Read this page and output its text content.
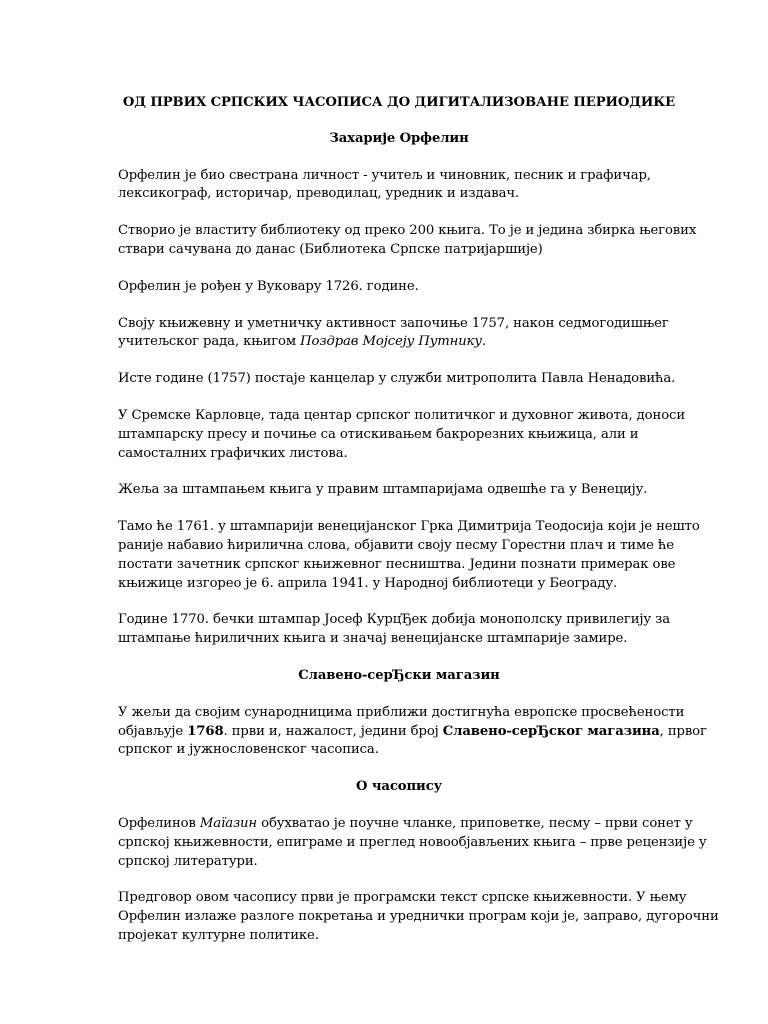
ОД ПРВИХ СРПСКИХ ЧАСОПИСА ДО ДИГИТАЛИЗОВАНЕ ПЕРИОДИКЕ

Захарије Орфелин

Орфелин је био свестрана личност - учитељ и чиновник, песник и графичар,
лексикограф, историчар, преводилац, уредник и издавач.

Створио је властиту библиотеку од преко 200 књига. То је и једина збирка његових
ствари сачувана до данас (Библиотека Српске патријаршије)

Орфелин је рођен у Вуковару 1726. године.

Своју књижевну и уметничку активност започиње 1757, након седмогодишњег
учитељског рада, књигом Поздрав Мојсеју Путнику.

Исте године (1757) постаје канцелар у служби митрополита Павла Ненадовића.

У Сремске Карловце, тада центар српског политичког и духовног живота, доноси
штампарску пресу и почиње са отискивањем бакрорезних књижица, али и
самосталних графичких листова.

Жеља за штампањем књига у правим штампаријама одвешће га у Венецију.

Тамо ће 1761. у штампарији венецијанског Грка Димитрија Теодосија који је нешто
раније набавио ћирилична слова, објавити своју песму Горестни плач и тиме ће
постати зачетник српског књижевног песништва. Једини познати примерак ове
књижице изгорео је 6. априла 1941. у Народној библиотеци у Београду.

Године 1770. бечки штампар Јосеф КурцЂек добија монополску привилегију за
штампање ћириличних књига и значај венецијанске штампарије замире.

Славено-серЂски магазин

У жељи да својим сународницима приближи достигнућа европске просвећености
објављује 1768. први и, нажалост, једини број Славено-серЂског магазина, првог
српског и јужнословенског часописа.

О часопису

Орфелинов Маїазин обухватао је поучне чланке, приповетке, песму – први сонет у
српској књижевности, епиграме и преглед новообјављених књига – прве рецензије у
српској литератури.

Предговор овом часопису први је програмски текст српске књижевности. У њему
Орфелин излаже разлоге покретања и уреднички програм који је, заправо, дугорочни
пројекат културне политике.
